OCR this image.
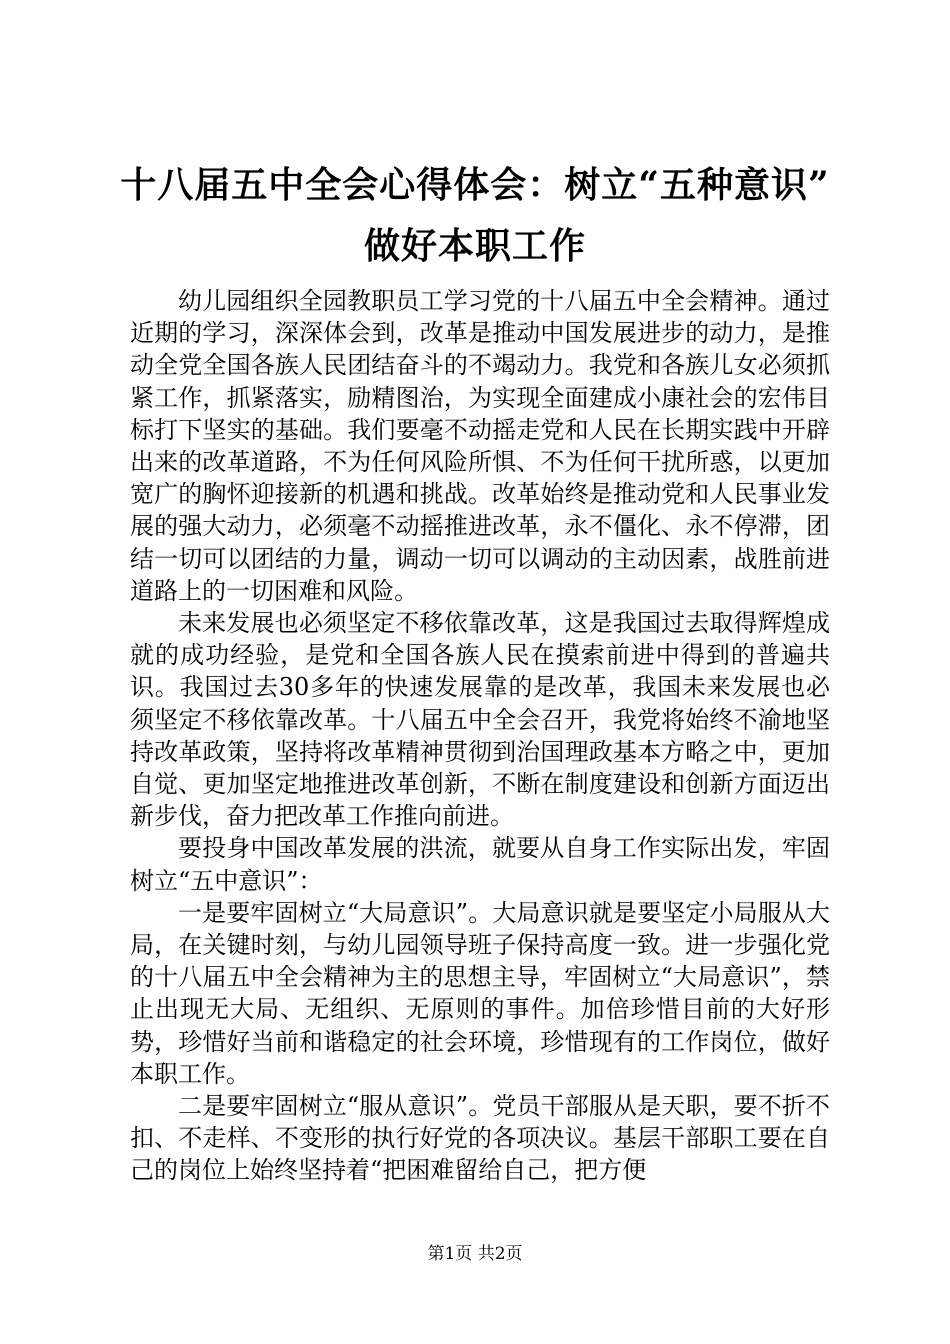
十八届五中全会心得体会：树立“五种意识”
做好本职工作

幼儿园组织全园教职员工学习党的十八届五中全会精神。通过近期的学习，深深体会到，改革是推动中国发展进步的动力，是推动全党全国各族人民团结奋斗的不竭动力。我党和各族儿女必须抓紧工作，抓紧落实，励精图治，为实现全面建成小康社会的宏伟目标打下坚实的基础。我们要毫不动摇走党和人民在长期实践中开辟出来的改革道路，不为任何风险所惧、不为任何干扰所惑，以更加宽广的胸怀迎接新的机遇和挑战。改革始终是推动党和人民事业发展的强大动力，必须毫不动摇推进改革，永不僵化、永不停滞，团结一切可以团结的力量，调动一切可以调动的主动因素，战胜前进道路上的一切困难和风险。

未来发展也必须坚定不移依靠改革，这是我国过去取得辉煌成就的成功经验，是党和全国各族人民在摸索前进中得到的普遍共识。我国过去30多年的快速发展靠的是改革，我国未来发展也必须坚定不移依靠改革。十八届五中全会召开，我党将始终不渝地坚持改革政策，坚持将改革精神贯彻到治国理政基本方略之中，更加自觉、更加坚定地推进改革创新，不断在制度建设和创新方面迈出新步伐，奋力把改革工作推向前进。

要投身中国改革发展的洪流，就要从自身工作实际出发，牢固树立“五中意识”：

一是要牢固树立“大局意识”。大局意识就是要坚定小局服从大局，在关键时刻，与幼儿园领导班子保持高度一致。进一步强化党的十八届五中全会精神为主的思想主导，牢固树立“大局意识”，禁止出现无大局、无组织、无原则的事件。加倍珍惜目前的大好形势，珍惜好当前和谐稳定的社会环境，珍惜现有的工作岗位，做好本职工作。

二是要牢固树立“服从意识”。党员干部服从是天职，要不折不扣、不走样、不变形的执行好党的各项决议。基层干部职工要在自己的岗位上始终坚持着“把困难留给自己，把方便

第1页 共2页
